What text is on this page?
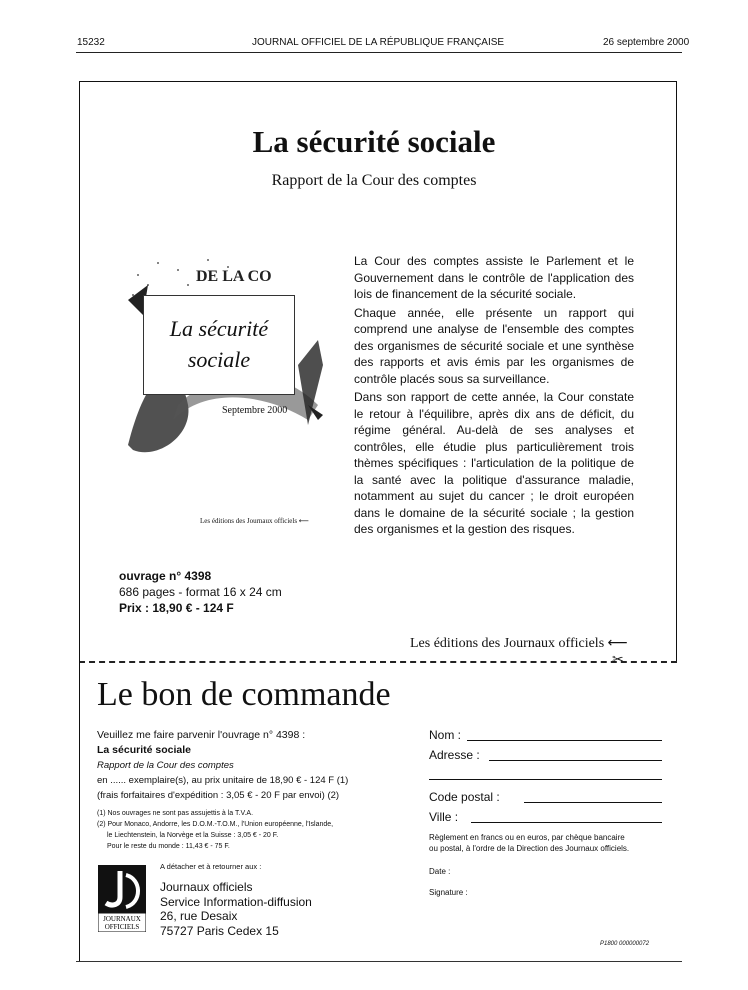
15232	JOURNAL OFFICIEL DE LA RÉPUBLIQUE FRANÇAISE	26 septembre 2000
✂
La sécurité sociale
Rapport de la Cour des comptes
DE LA CO
La sécurité
sociale
Septembre 2000
Les éditions des Journaux officiels ⟵

La Cour des comptes assiste le Parlement et le Gouvernement dans le contrôle de l'application des lois de financement de la sécurité sociale.

Chaque année, elle présente un rapport qui comprend une analyse de l'ensemble des comptes des organismes de sécurité sociale et une synthèse des rapports et avis émis par les organismes de contrôle placés sous sa surveillance.

Dans son rapport de cette année, la Cour constate le retour à l'équilibre, après dix ans de déficit, du régime général. Au-delà de ses analyses et contrôles, elle étudie plus particulièrement trois thèmes spécifiques : l'articulation de la politique de la santé avec la politique d'assurance maladie, notamment au sujet du cancer ; le droit européen dans le domaine de la sécurité sociale ; la gestion des organismes et la gestion des risques.

ouvrage n° 4398
686 pages - format 16 x 24 cm
Prix : 18,90 € - 124 F
Les éditions des Journaux officiels ⟵
Le bon de commande
Veuillez me faire parvenir l'ouvrage n° 4398 :
La sécurité sociale
Rapport de la Cour des comptes
en ...... exemplaire(s), au prix unitaire de 18,90 € - 124 F (1)
(frais forfaitaires d'expédition : 3,05 € - 20 F par envoi) (2)
(1) Nos ouvrages ne sont pas assujettis à la T.V.A.
(2) Pour Monaco, Andorre, les D.O.M.-T.O.M., l'Union européenne, l'Islande,
le Liechtenstein, la Norvège et la Suisse : 3,05 € - 20 F.
Pour le reste du monde : 11,43 € - 75 F.
JOURNAUX
OFFICIELS
A détacher et à retourner aux :
Journaux officiels
Service Information-diffusion
26, rue Desaix
75727 Paris Cedex 15
Nom :
Adresse :
Code postal :
Ville :
Règlement en francs ou en euros, par chèque bancaire
ou postal, à l'ordre de la Direction des Journaux officiels.
Date :
Signature :
P1800 000000072
